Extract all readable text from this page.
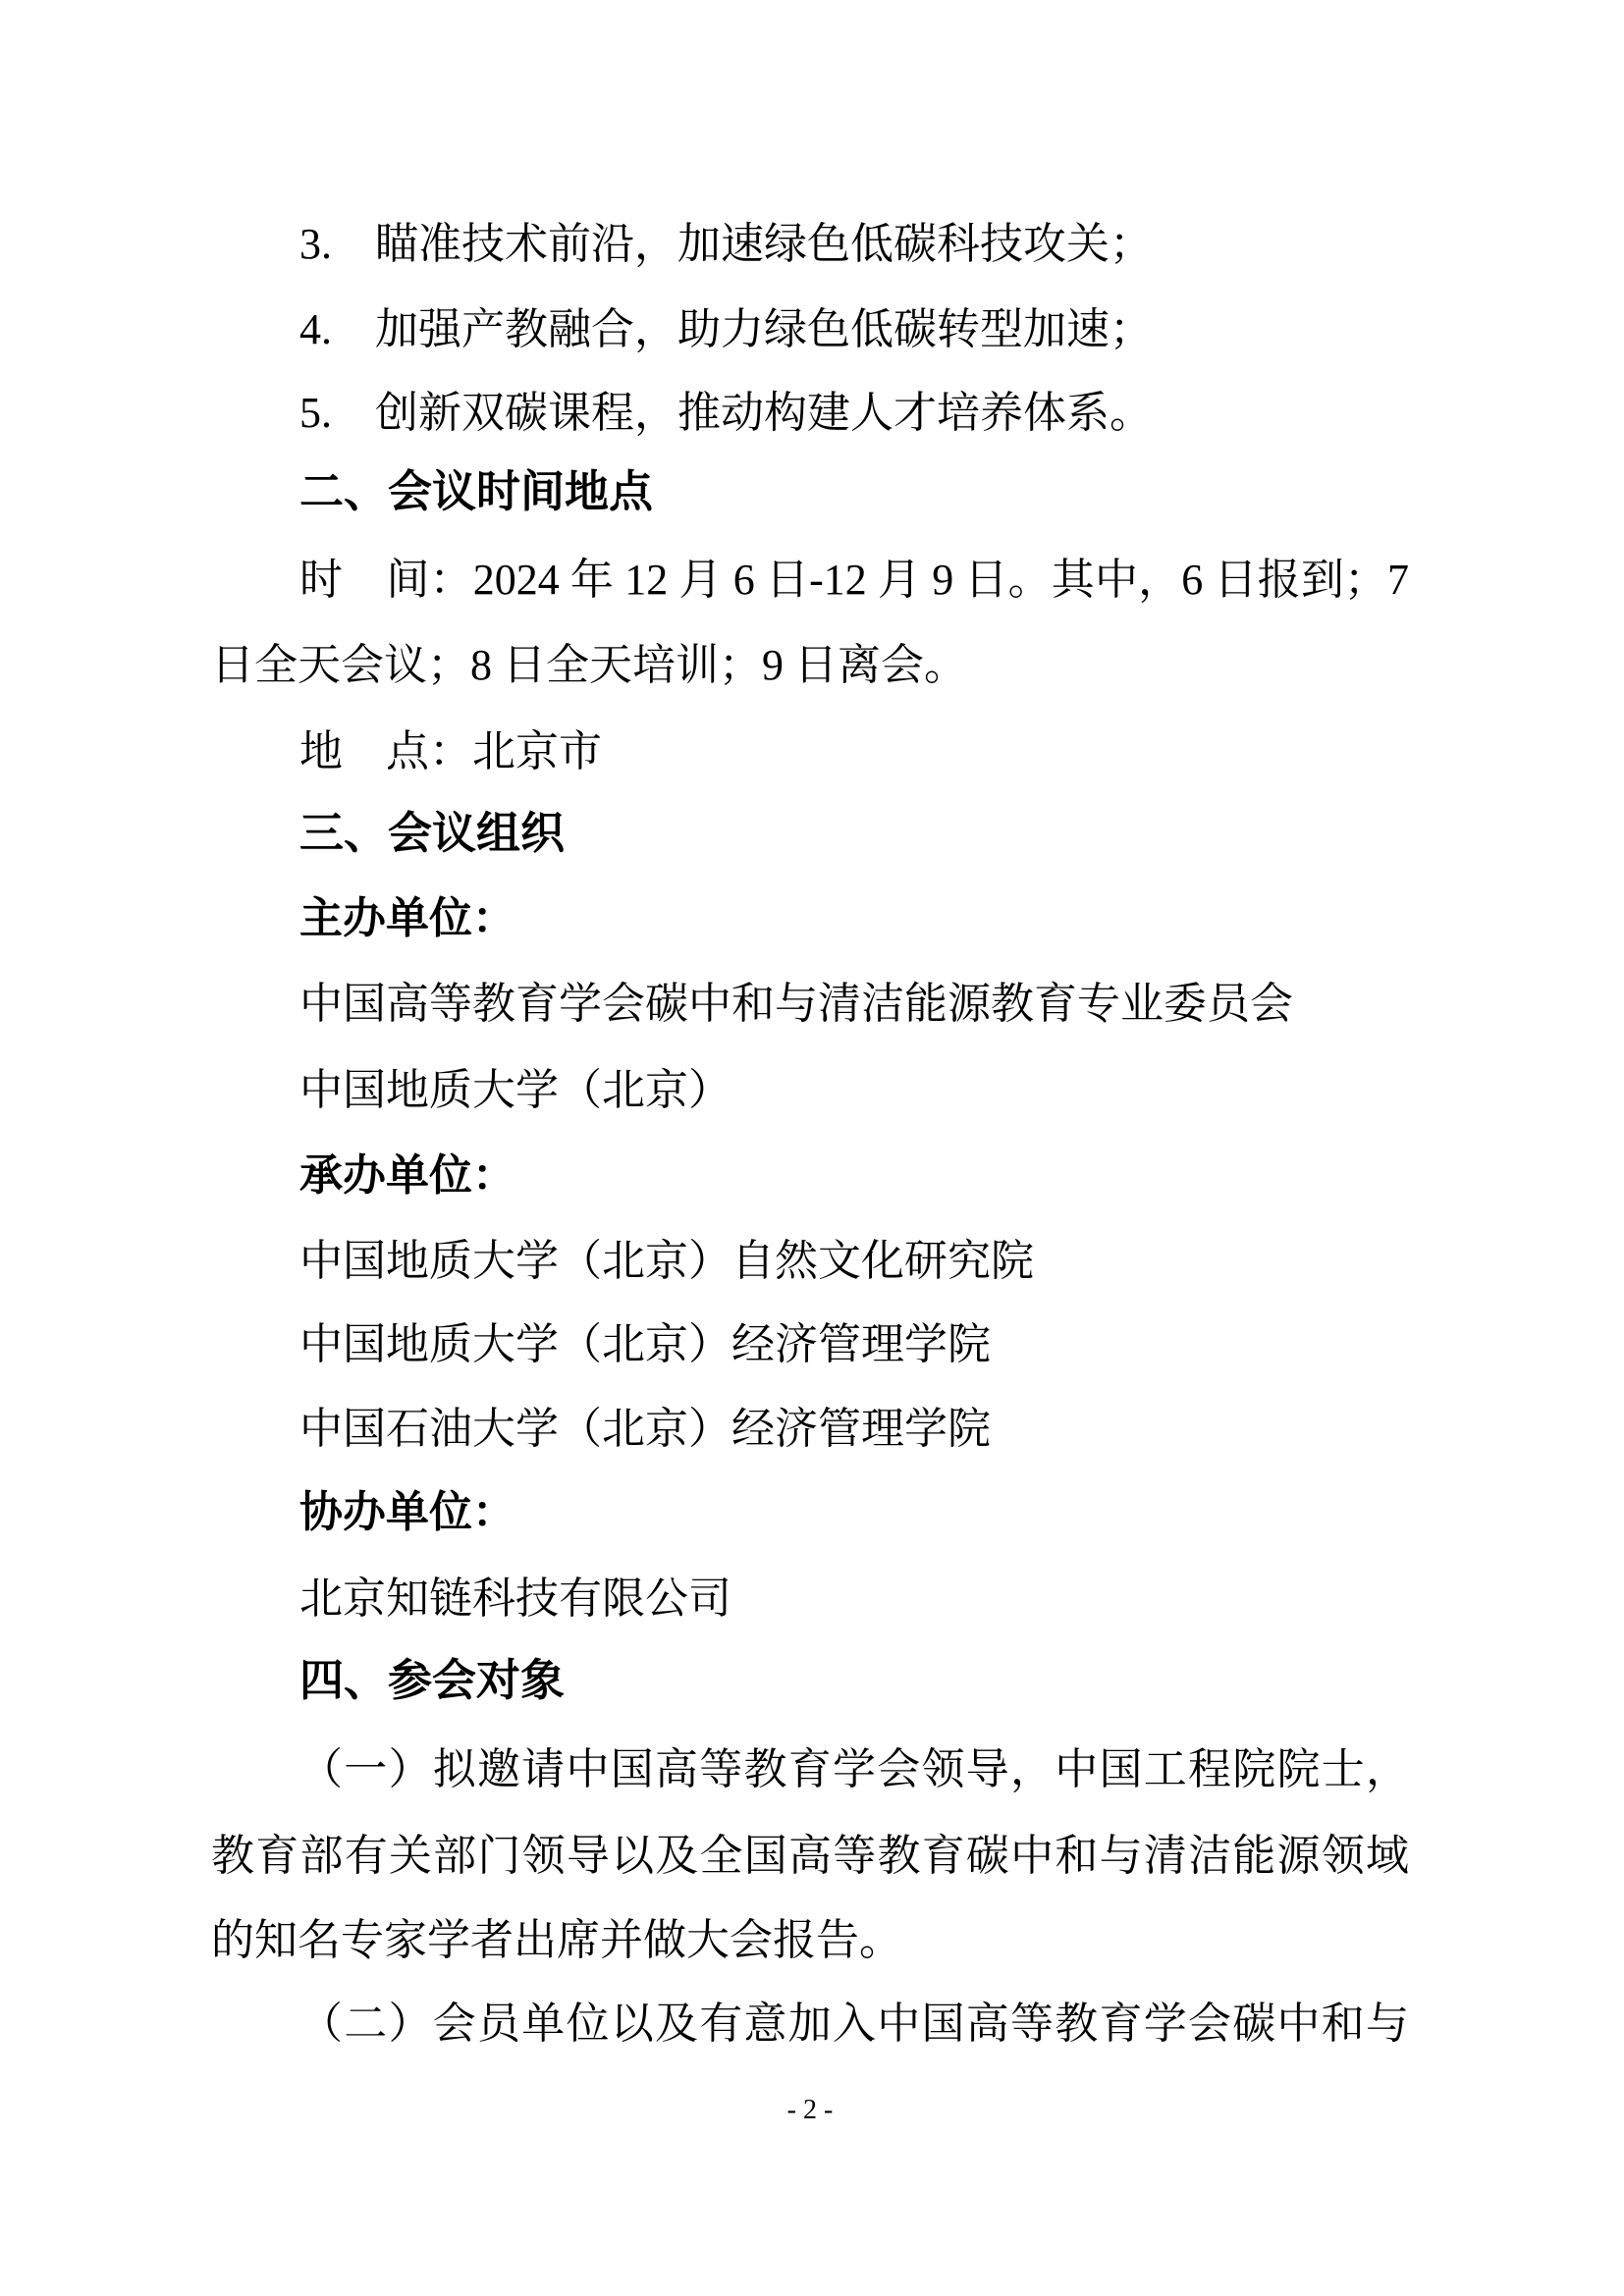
3.　瞄准技术前沿，加速绿色低碳科技攻关；
4.　加强产教融合，助力绿色低碳转型加速；
5.　创新双碳课程，推动构建人才培养体系。
二、会议时间地点
时　间：2024 年 12 月 6 日-12 月 9 日。其中，6 日报到；7
日全天会议；8 日全天培训；9 日离会。
地　点：北京市
三、会议组织
主办单位：
中国高等教育学会碳中和与清洁能源教育专业委员会
中国地质大学（北京）
承办单位：
中国地质大学（北京）自然文化研究院
中国地质大学（北京）经济管理学院
中国石油大学（北京）经济管理学院
协办单位：
北京知链科技有限公司
四、参会对象
（一）拟邀请中国高等教育学会领导，中国工程院院士，
教育部有关部门领导以及全国高等教育碳中和与清洁能源领域
的知名专家学者出席并做大会报告。
（二）会员单位以及有意加入中国高等教育学会碳中和与
- 2 -
